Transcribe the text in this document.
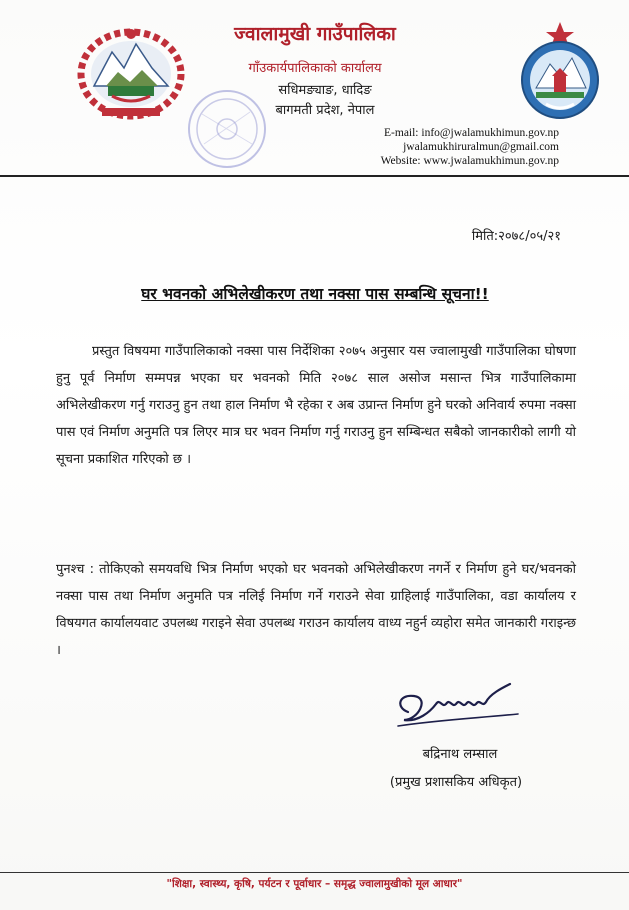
ज्वालामुखी गाउँपालिका
गाँउकार्यपालिकाको कार्यालय
सधिमङ्याङ, धादिङ
बागमती प्रदेश, नेपाल
E-mail: info@jwalamukhimun.gov.np
jwalamukhiruralmun@gmail.com
Website: www.jwalamukhimun.gov.np
मिति:२०७८/०५/२१
घर भवनको अभिलेखीकरण तथा नक्सा पास सम्बन्धि सूचना!!
प्रस्तुत विषयमा गाउँपालिकाको नक्सा पास निर्देशिका २०७५ अनुसार यस ज्वालामुखी गाउँपालिका घोषणा हुनु पूर्व निर्माण सम्मपन्न भएका घर भवनको मिति २०७८ साल असोज मसान्त भित्र गाउँपालिकामा अभिलेखीकरण गर्नु गराउनु हुन तथा हाल निर्माण भै रहेका र अब उप्रान्त निर्माण हुने घरको अनिवार्य रुपमा नक्सा पास एवं निर्माण अनुमति पत्र लिएर मात्र घर भवन निर्माण गर्नु गराउनु हुन सम्बिन्धत सबैको जानकारीको लागी यो सूचना प्रकाशित गरिएको छ ।
पुनश्च : तोकिएको समयवधि भित्र निर्माण भएको घर भवनको अभिलेखीकरण नगर्ने र निर्माण हुने घर/भवनको नक्सा पास तथा निर्माण अनुमति पत्र नलिई निर्माण गर्ने गराउने सेवा ग्राहिलाई गाउँपालिका, वडा कार्यालय र विषयगत कार्यालयवाट उपलब्ध गराइने सेवा उपलब्ध गराउन कार्यालय वाध्य नहुर्न व्यहोरा समेत जानकारी गराइन्छ ।
बद्रिनाथ लम्साल
(प्रमुख प्रशासकिय अधिकृत)
"शिक्षा, स्वास्थ्य, कृषि, पर्यटन र पूर्वाधार – समृद्ध ज्वालामुखीको मूल आधार"
